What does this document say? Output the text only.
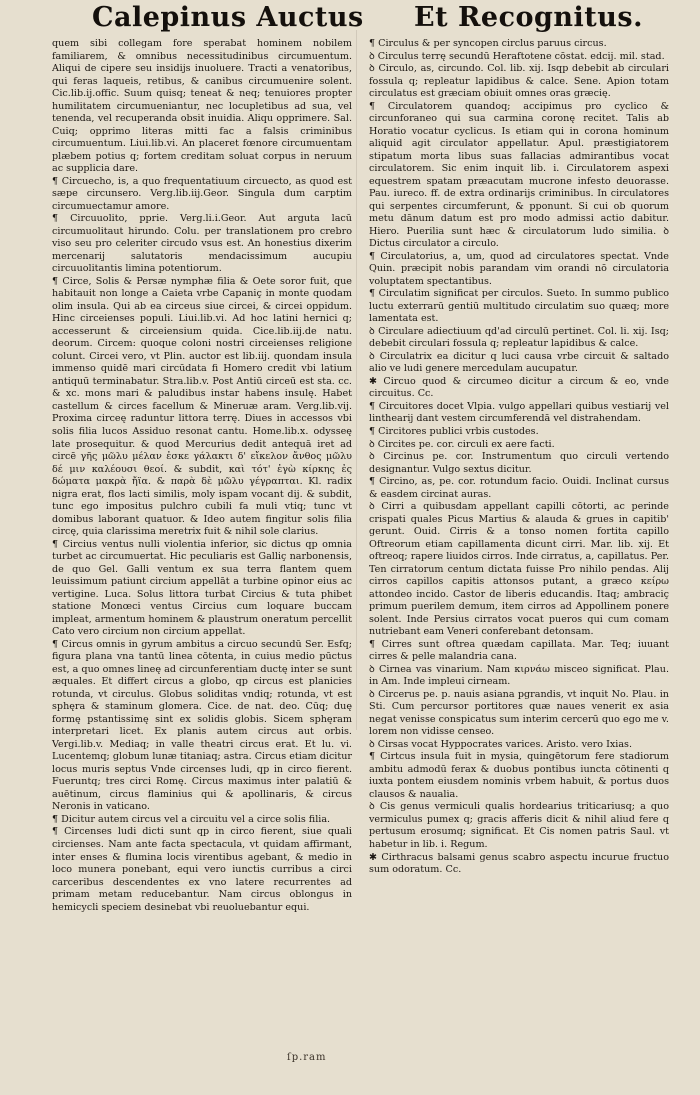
Calepinus Auctus Et Recognitus.

quem sibi collegam fore sperabat hominem nobilem familiarem, & omnibus necessitudinibus circumuentum. Aliqui de cipere seu insidijs inuoluere. Tracti a venatoribus, qui feras laqueis, retibus, & canibus circumuenire solent. Cic.lib.ij.offic. Suum quisq; teneat & neq; tenuiores propter humilitatem circumueniantur, nec locupletibus ad sua, vel tenenda, vel recuperanda obsit inuidia. Aliqu opprimere. Sal. Cuiq; opprimo literas mitti fac a falsis criminibus circumuentum. Liui.lib.vi. An placeret fœnore circumuentam plæbem potius q; fortem creditam soluat corpus in neruum ac supplicia dare.

¶ Circuecho, is, a quo frequentatiuum circuecto, as quod est sæpe circunsero. Verg.lib.iij.Geor. Singula dum carptim circumuectamur amore.

¶ Circuuolito, pprie. Verg.li.i.Geor. Aut arguta lacū circumuolitaut hirundo. Colu. per translationem pro crebro viso seu pro celeriter circudo vsus est. An honestius dixerim mercenarij salutatoris mendacissimum aucupiu circuuolitantis limina potentiorum.

¶ Circe, Solis & Persæ nymphæ filia & Oete soror fuit, que habitauit non longe a Caieta vrbe Capaniç in monte quodam olim insula. Qui ab ea circeus siue circei, & circei oppidum. Hinc circeienses populi. Liui.lib.vi. Ad hoc latini hernici q; accesserunt & circeiensium quida. Cice.lib.iij.de natu. deorum. Circem: quoque coloni nostri circeienses religione colunt. Circei vero, vt Plin. auctor est lib.iij. quondam insula immenso quidē mari circūdata fi Homero credit vbi latium antiquū terminabatur. Stra.lib.v. Post Antiū circeū est sta. cc. & xc. mons mari & paludibus instar habens insulę. Habet castellum & circes facellum & Mineruæ aram. Verg.lib.vij. Proxima circeę raduntur littora terrę. Diues in accessos vbi solis filia lucos Assiduo resonat cantu. Home.lib.x. odysseę late prosequitur. & quod Mercurius dedit antequā iret ad circē γῆς μῶλυ μέλαν ἐσκε γάλακτι δ' εἴκελον ἄνθος μῶλυ δέ μιν καλέουσι θεοί. & subdit, καὶ τότ' ἐγὼ κίρκης ἐς δώματα μακρὰ ἤϊα. & παρὰ δὲ μῶλυ γέγραπται. Kl. radix nigra erat, flos lacti similis, moly ispam vocant dij. & subdit, tunc ego impositus pulchro cubili fa muli vtiq; tunc vt domibus laborant quatuor. & Ideo autem fingitur solis filia circę, quia clarissima meretrix fuit & nihil sole clarius.

¶ Circius ventus nulli violentia inferior, sic dictus qp omnia turbet ac circumuertat. Hic peculiaris est Galliç narbonensis, de quo Gel. Galli ventum ex sua terra flantem quem leuissimum patiunt circium appellāt a turbine opinor eius ac vertigine. Luca. Solus littora turbat Circius & tuta phibet statione Monœci ventus Circius cum loquare buccam impleat, armentum hominem & plaustrum oneratum percellit Cato vero circium non circium appellat.

¶ Circus omnis in gyrum ambitus a circuo secundū Ser. Esfq; figura plana vna tantū linea cōtenta, in cuius medio pūctus est, a quo omnes lineę ad circunferentiam ductę inter se sunt æquales. Et differt circus a globo, qp circus est planicies rotunda, vt circulus. Globus soliditas vndiq; rotunda, vt est sphęra & staminum glomera. Cice. de nat. deo. Cūq; duę formę pstantissimę sint ex solidis globis. Sicem sphęram interpretari licet. Ex planis autem circus aut orbis. Vergi.lib.v. Mediaq; in valle theatri circus erat. Et lu. vi. Lucentemq; globum lunæ titaniaq; astra. Circus etiam dicitur locus muris septus Vnde circenses ludi, qp in circo fierent. Fueruntq; tres circi Romę. Circus maximus inter palatiū & auētinum, circus flaminius qui & apollinaris, & circus Neronis in vaticano.

¶ Dicitur autem circus vel a circuitu vel a circe solis filia.

¶ Circenses ludi dicti sunt qp in circo fierent, siue quali circienses. Nam ante facta spectacula, vt quidam affirmant, inter enses & flumina locis virentibus agebant, & medio in loco munera ponebant, equi vero iunctis curribus a circi carceribus descendentes ex vno latere recurrentes ad primam metam reducebantur. Nam circus oblongus in hemicycli speciem desinebat vbi reuoluebantur equi.

¶ Circulus & per syncopen circlus paruus circus.

ꝺ Circulus terrę secundū Heraftotene cōstat. edcij. mil. stad.

ꝺ Circulo, as, circundo. Col. lib. xij. Isqp debebit ab circulari fossula q; repleatur lapidibus & calce. Sene. Apion totam circulatus est græciam obiuit omnes oras græcię.

¶ Circulatorem quandoq; accipimus pro cyclico & circunforaneo qui sua carmina coronę recitet. Talis ab Horatio vocatur cyclicus. Is etiam qui in corona hominum aliquid agit circulator appellatur. Apul. præstigiatorem stipatum morta libus suas fallacias admirantibus vocat circulatorem. Sic enim inquit lib. i. Circulatorem aspexi equestrem spatam præacutam mucrone infesto deuorasse. Pau. iureco. ff. de extra ordinarijs criminibus. In circulatores qui serpentes circumferunt, & pponunt. Si cui ob quorum metu dānum datum est pro modo admissi actio dabitur. Hiero. Puerilia sunt hæc & circulatorum ludo similia. ꝺ Dictus circulator a circulo.

¶ Circulatorius, a, um, quod ad circulatores spectat. Vnde Quin. præcipit nobis parandam vim orandi nō circulatoria voluptatem spectantibus.

¶ Circulatim significat per circulos. Sueto. In summo publico luctu exterrarū gentiū multitudo circulatim suo quæq; more lamentata est.

ꝺ Circulare adiectiuum qd'ad circulū pertinet. Col. li. xij. Isq; debebit circulari fossula q; repleatur lapidibus & calce.

ꝺ Circulatrix ea dicitur q luci causa vrbe circuit & saltado alio ve ludi genere mercedulam aucupatur.

✱ Circuo quod & circumeo dicitur a circum & eo, vnde circuitus. Cc.

¶ Circuitores docet Vlpia. vulgo appellari quibus vestiarij vel linthearij dant vestem circumferendā vel distrahendam.

¶ Circitores publici vrbis custodes.

ꝺ Circites pe. cor. circuli ex aere facti.

ꝺ Circinus pe. cor. Instrumentum quo circuli vertendo designantur. Vulgo sextus dicitur.

¶ Circino, as, pe. cor. rotundum facio. Ouidi. Inclinat cursus & easdem circinat auras.

ꝺ Cirri a quibusdam appellant capilli cōtorti, ac perinde crispati quales Picus Martius & alauda & grues in capitib' gerunt. Ouid. Cirris & a tonso nomen fortita capillo Oftreorum etiam capillamenta dicunt cirri. Mar. lib. xij. Et oftreoq; rapere liuidos cirros. Inde cirratus, a, capillatus. Per. Ten cirratorum centum dictata fuisse Pro nihilo pendas. Alij cirros capillos capitis attonsos putant, a græco κείρω attondeo incido. Castor de liberis educandis. Itaq; ambraciç primum puerilem demum, item cirros ad Appollinem ponere solent. Inde Persius cirratos vocat pueros qui cum comam nutriebant eam Veneri conferebant detonsam.

¶ Cirres sunt oftrea quædam capillata. Mar. Teq; iuuant cirres & pelle malandria cana.

ꝺ Cirnea vas vinarium. Nam κιρνάω misceo significat. Plau. in Am. Inde impleui cirneam.

ꝺ Circerus pe. p. nauis asiana pgrandis, vt inquit No. Plau. in Sti. Cum percursor portitores quæ naues venerit ex asia negat venisse conspicatus sum interim cercerū quo ego me v. lorem non vidisse censeo.

ꝺ Cirsas vocat Hyppocrates varices. Aristo. vero Ixias.

¶ Cirtcus insula fuit in mysia, quingētorum fere stadiorum ambitu admodū ferax & duobus pontibus iuncta cōtinenti q iuxta pontem eiusdem nominis vrbem habuit, & portus duos clausos & naualia.

ꝺ Cis genus vermiculi qualis hordearius triticariusq; a quo vermiculus pumex q; gracis afferis dicit & nihil aliud fere q pertusum erosumq; significat. Et Cis nomen patris Saul. vt habetur in lib. i. Regum.

✱ Cirthracus balsami genus scabro aspectu incurue fructuo sum odoratum. Cc.

ſp.ram
